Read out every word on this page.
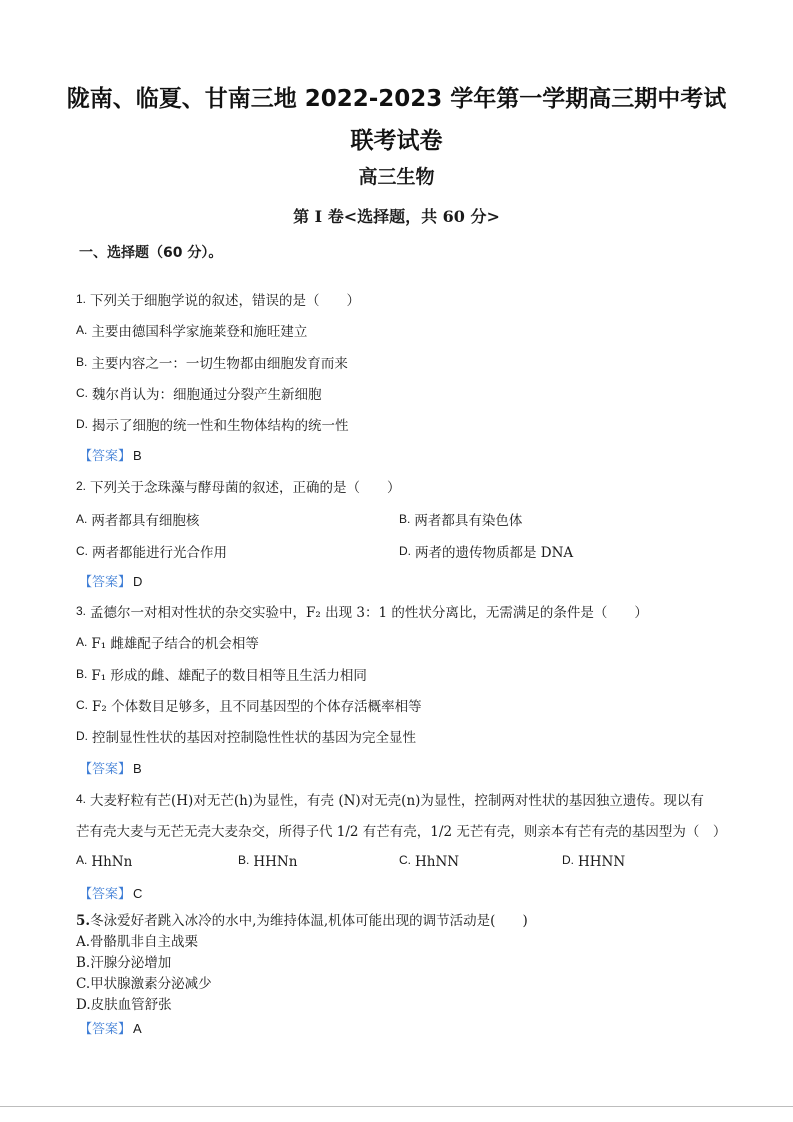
陇南、临夏、甘南三地 2022-2023 学年第一学期高三期中考试
联考试卷
高三生物
第 I 卷<选择题，共 60 分>
一、选择题（60 分）。
1. 下列关于细胞学说的叙述，错误的是（　　）
A. 主要由德国科学家施莱登和施旺建立
B. 主要内容之一：一切生物都由细胞发育而来
C. 魏尔肖认为：细胞通过分裂产生新细胞
D. 揭示了细胞的统一性和生物体结构的统一性
【答案】 B
2. 下列关于念珠藻与酵母菌的叙述，正确的是（　　）
A. 两者都具有细胞核	B. 两者都具有染色体
C. 两者都能进行光合作用	D. 两者的遗传物质都是 DNA
【答案】 D
3. 孟德尔一对相对性状的杂交实验中，F₂ 出现 3：1 的性状分离比，无需满足的条件是（　　）
A. F₁ 雌雄配子结合的机会相等
B. F₁ 形成的雌、雄配子的数目相等且生活力相同
C. F₂ 个体数目足够多，且不同基因型的个体存活概率相等
D. 控制显性性状的基因对控制隐性性状的基因为完全显性
【答案】 B
4. 大麦籽粒有芒(H)对无芒(h)为显性，有壳 (N)对无壳(n)为显性，控制两对性状的基因独立遗传。现以有
芒有壳大麦与无芒无壳大麦杂交，所得子代 1/2 有芒有壳，1/2 无芒有壳，则亲本有芒有壳的基因型为（　）
A. HhNn	B. HHNn	C. HhNN	D. HHNN
【答案】 C
5.冬泳爱好者跳入冰冷的水中,为维持体温,机体可能出现的调节活动是(　　)
A.骨骼肌非自主战栗
B.汗腺分泌增加
C.甲状腺激素分泌减少
D.皮肤血管舒张
【答案】 A
